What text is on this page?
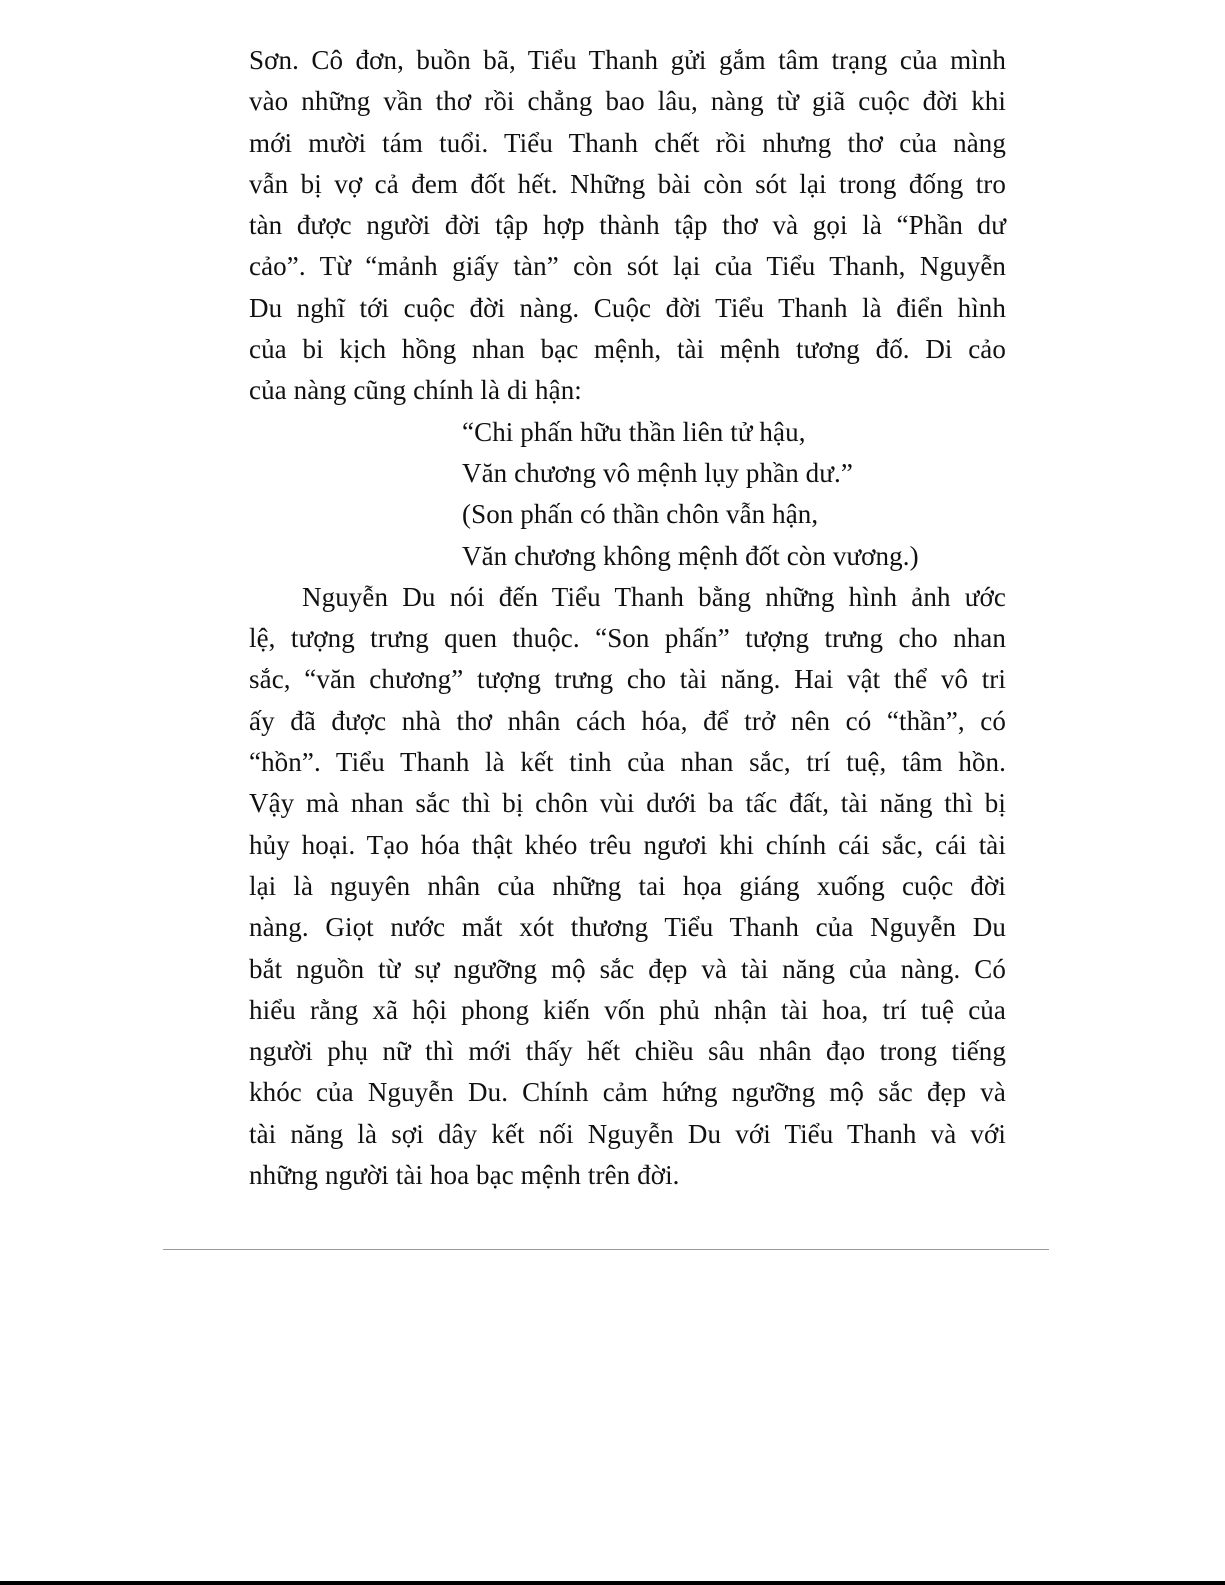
Sơn. Cô đơn, buồn bã, Tiểu Thanh gửi gắm tâm trạng của mình
vào những vần thơ rồi chẳng bao lâu, nàng từ giã cuộc đời khi
mới mười tám tuổi. Tiểu Thanh chết rồi nhưng thơ của nàng
vẫn bị vợ cả đem đốt hết. Những bài còn sót lại trong đống tro
tàn được người đời tập hợp thành tập thơ và gọi là “Phần dư
cảo”. Từ “mảnh giấy tàn” còn sót lại của Tiểu Thanh, Nguyễn
Du nghĩ tới cuộc đời nàng. Cuộc đời Tiểu Thanh là điển hình
của bi kịch hồng nhan bạc mệnh, tài mệnh tương đố. Di cảo
của nàng cũng chính là di hận:
“Chi phấn hữu thần liên tử hậu,
Văn chương vô mệnh lụy phần dư.”
(Son phấn có thần chôn vẫn hận,
Văn chương không mệnh đốt còn vương.)
Nguyễn Du nói đến Tiểu Thanh bằng những hình ảnh ước
lệ, tượng trưng quen thuộc. “Son phấn” tượng trưng cho nhan
sắc, “văn chương” tượng trưng cho tài năng. Hai vật thể vô tri
ấy đã được nhà thơ nhân cách hóa, để trở nên có “thần”, có
“hồn”. Tiểu Thanh là kết tinh của nhan sắc, trí tuệ, tâm hồn.
Vậy mà nhan sắc thì bị chôn vùi dưới ba tấc đất, tài năng thì bị
hủy hoại. Tạo hóa thật khéo trêu ngươi khi chính cái sắc, cái tài
lại là nguyên nhân của những tai họa giáng xuống cuộc đời
nàng. Giọt nước mắt xót thương Tiểu Thanh của Nguyễn Du
bắt nguồn từ sự ngưỡng mộ sắc đẹp và tài năng của nàng. Có
hiểu rằng xã hội phong kiến vốn phủ nhận tài hoa, trí tuệ của
người phụ nữ thì mới thấy hết chiều sâu nhân đạo trong tiếng
khóc của Nguyễn Du. Chính cảm hứng ngưỡng mộ sắc đẹp và
tài năng là sợi dây kết nối Nguyễn Du với Tiểu Thanh và với
những người tài hoa bạc mệnh trên đời.
